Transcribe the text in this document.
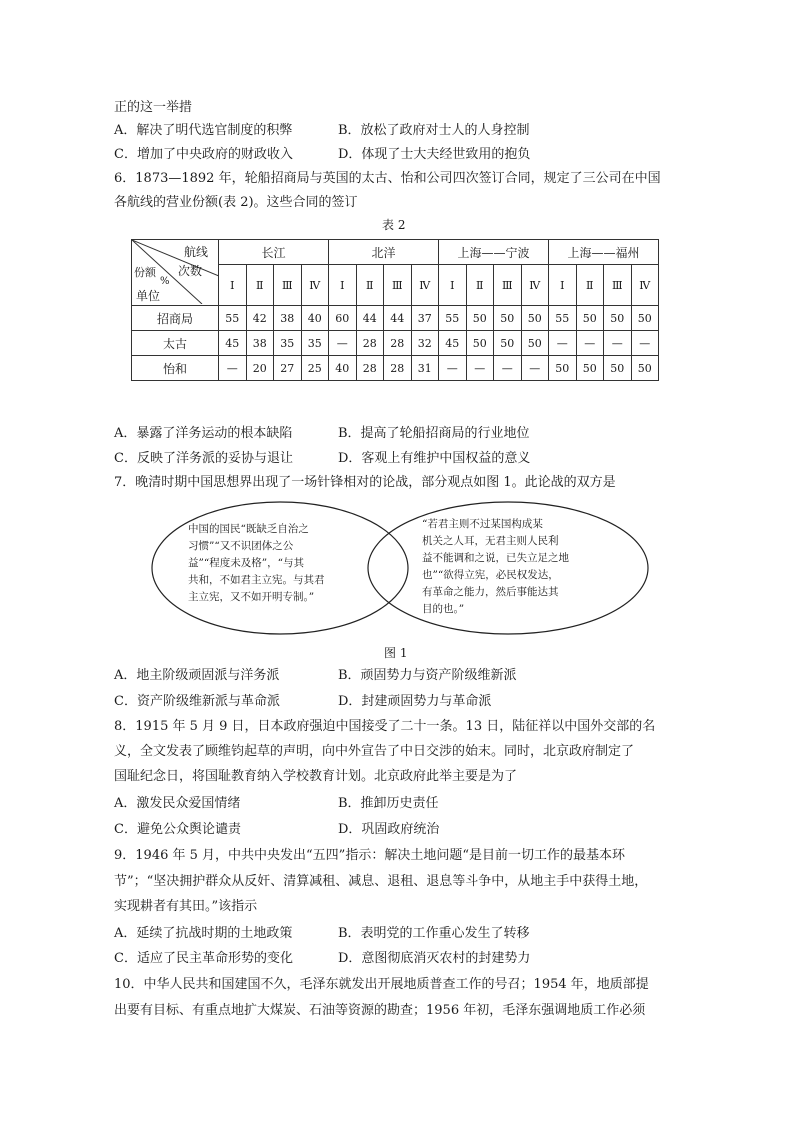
正的这一举措
A．解决了明代选官制度的积弊	B．放松了政府对士人的人身控制
C．增加了中央政府的财政收入	D．体现了士大夫经世致用的抱负
6．1873—1892 年，轮船招商局与英国的太古、怡和公司四次签订合同，规定了三公司在中国
各航线的营业份额(表 2)。这些合同的签订
表 2
航线
次数
份额
%
单位	长江				北洋				上海——宁波				上海——福州			
	Ⅰ	Ⅱ	Ⅲ	Ⅳ	Ⅰ	Ⅱ	Ⅲ	Ⅳ	Ⅰ	Ⅱ	Ⅲ	Ⅳ	Ⅰ	Ⅱ	Ⅲ	Ⅳ
招商局	55	42	38	40	60	44	44	37	55	50	50	50	55	50	50	50
太古	45	38	35	35	—	28	28	32	45	50	50	50	—	—	—	—
怡和	—	20	27	25	40	28	28	31	—	—	—	—	50	50	50	50
A．暴露了洋务运动的根本缺陷	B．提高了轮船招商局的行业地位
C．反映了洋务派的妥协与退让	D．客观上有维护中国权益的意义
7．晚清时期中国思想界出现了一场针锋相对的论战，部分观点如图 1。此论战的双方是
中国的国民“既缺乏自治之
习惯”“又不识团体之公
益”“程度未及格”，“与其
共和，不如君主立宪。与其君
主立宪，又不如开明专制。”
“若君主则不过某国构成某
机关之人耳，无君主则人民利
益不能调和之说，已失立足之地
也”“欲得立宪，必民权发达，
有革命之能力，然后事能达其
目的也。”
图 1
A．地主阶级顽固派与洋务派	B．顽固势力与资产阶级维新派
C．资产阶级维新派与革命派	D．封建顽固势力与革命派
8．1915 年 5 月 9 日，日本政府强迫中国接受了二十一条。13 日，陆征祥以中国外交部的名
义，全文发表了顾维钧起草的声明，向中外宣告了中日交涉的始末。同时，北京政府制定了
国耻纪念日，将国耻教育纳入学校教育计划。北京政府此举主要是为了
A．激发民众爱国情绪	B．推卸历史责任
C．避免公众舆论谴责	D．巩固政府统治
9．1946 年 5 月，中共中央发出“五四”指示：解决土地问题“是目前一切工作的最基本环
节”；“坚决拥护群众从反奸、清算减租、减息、退租、退息等斗争中，从地主手中获得土地，
实现耕者有其田。”该指示
A．延续了抗战时期的土地政策	B．表明党的工作重心发生了转移
C．适应了民主革命形势的变化	D．意图彻底消灭农村的封建势力
10．中华人民共和国建国不久，毛泽东就发出开展地质普查工作的号召；1954 年，地质部提
出要有目标、有重点地扩大煤炭、石油等资源的勘查；1956 年初，毛泽东强调地质工作必须
